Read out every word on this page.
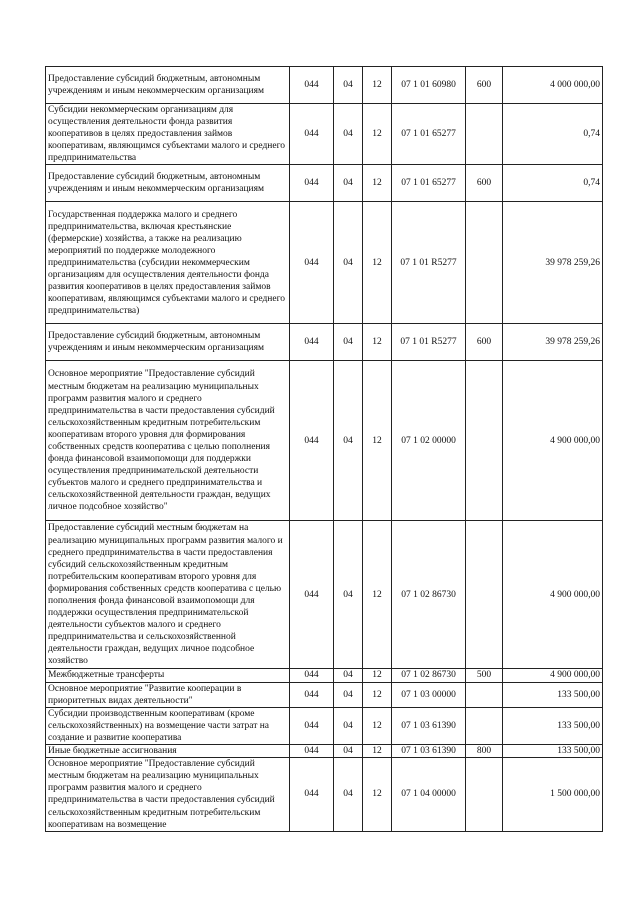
Предоставление субсидий бюджетным, автономным учреждениям и иным некоммерческим организациям	044	04	12	07 1 01 60980	600	4 000 000,00
Субсидии некоммерческим организациям для осуществления деятельности фонда развития кооперативов в целях предоставления займов кооперативам, являющимся субъектами малого и среднего предпринимательства	044	04	12	07 1 01 65277		0,74
Предоставление субсидий бюджетным, автономным учреждениям и иным некоммерческим организациям	044	04	12	07 1 01 65277	600	0,74
Государственная поддержка малого и среднего предпринимательства, включая крестьянские (фермерские) хозяйства, а также на реализацию мероприятий по поддержке молодежного предпринимательства (субсидии некоммерческим организациям для осуществления деятельности фонда развития кооперативов в целях предоставления займов кооперативам, являющимся субъектами малого и среднего предпринимательства)	044	04	12	07 1 01 R5277		39 978 259,26
Предоставление субсидий бюджетным, автономным учреждениям и иным некоммерческим организациям	044	04	12	07 1 01 R5277	600	39 978 259,26
Основное мероприятие "Предоставление субсидий местным бюджетам на реализацию муниципальных программ развития малого и среднего предпринимательства в части предоставления субсидий сельскохозяйственным кредитным потребительским кооперативам второго уровня для формирования собственных средств кооператива с целью пополнения фонда финансовой взаимопомощи для поддержки осуществления предпринимательской деятельности субъектов малого и среднего предпринимательства и сельскохозяйственной деятельности граждан, ведущих личное подсобное хозяйство"	044	04	12	07 1 02 00000		4 900 000,00
Предоставление субсидий местным бюджетам на реализацию муниципальных программ развития малого и среднего предпринимательства в части предоставления субсидий сельскохозяйственным кредитным потребительским кооперативам второго уровня для формирования собственных средств кооператива с целью пополнения фонда финансовой взаимопомощи для поддержки осуществления предпринимательской деятельности субъектов малого и среднего предпринимательства и сельскохозяйственной деятельности граждан, ведущих личное подсобное хозяйство	044	04	12	07 1 02 86730		4 900 000,00
Межбюджетные трансферты	044	04	12	07 1 02 86730	500	4 900 000,00
Основное мероприятие "Развитие кооперации в приоритетных видах деятельности"	044	04	12	07 1 03 00000		133 500,00
Субсидии производственным кооперативам (кроме сельскохозяйственных) на возмещение части затрат на создание и развитие кооператива	044	04	12	07 1 03 61390		133 500,00
Иные бюджетные ассигнования	044	04	12	07 1 03 61390	800	133 500,00
Основное мероприятие "Предоставление субсидий местным бюджетам на реализацию муниципальных программ развития малого и среднего предпринимательства в части предоставления субсидий сельскохозяйственным кредитным потребительским кооперативам на возмещение	044	04	12	07 1 04 00000		1 500 000,00
